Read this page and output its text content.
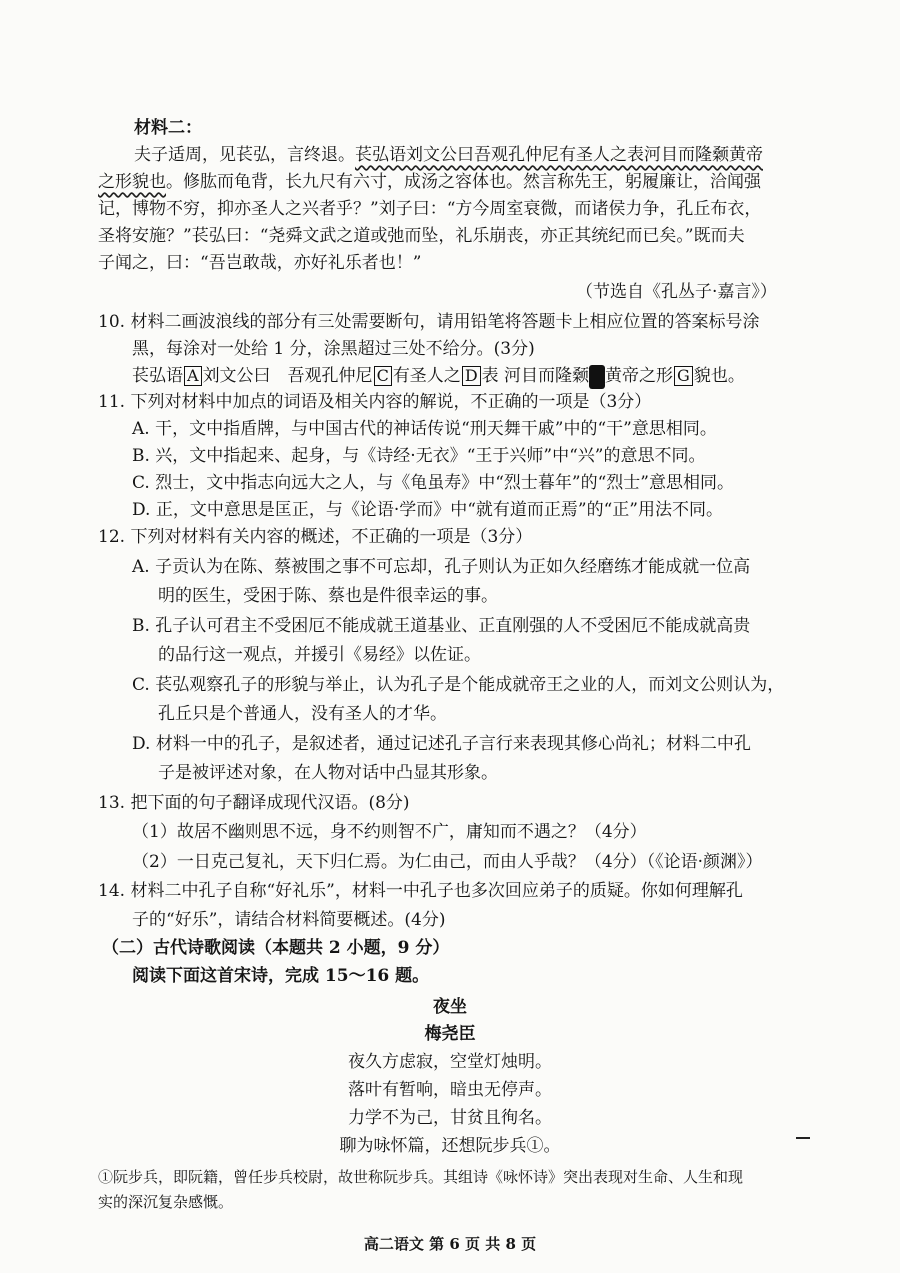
材料二：
夫子适周，见苌弘，言终退。苌弘语刘文公曰吾观孔仲尼有圣人之表河目而隆颡黄帝
之形貌也。修肱而龟背，长九尺有六寸，成汤之容体也。然言称先王，躬履廉让，洽闻强
记，博物不穷，抑亦圣人之兴者乎？”刘子曰：“方今周室衰微，而诸侯力争，孔丘布衣，
圣将安施？”苌弘曰：“尧舜文武之道或弛而坠，礼乐崩丧，亦正其统纪而已矣。”既而夫
子闻之，曰：“吾岂敢哉，亦好礼乐者也！”
（节选自《孔丛子·嘉言》）
10. 材料二画波浪线的部分有三处需要断句，请用铅笔将答题卡上相应位置的答案标号涂
黑，每涂对一处给 1 分，涂黑超过三处不给分。(3分)
苌弘语 A 刘文公曰　吾观孔仲尼 C 有圣人之 D 表 河目而隆颡 黄帝之形 G 貌也。
11. 下列对材料中加点的词语及相关内容的解说，不正确的一项是（3分）
A. 干，文中指盾牌，与中国古代的神话传说“刑天舞干戚”中的“干”意思相同。
B. 兴，文中指起来、起身，与《诗经·无衣》“王于兴师”中“兴”的意思不同。
C. 烈士，文中指志向远大之人，与《龟虽寿》中“烈士暮年”的“烈士”意思相同。
D. 正，文中意思是匡正，与《论语·学而》中“就有道而正焉”的“正”用法不同。
12. 下列对材料有关内容的概述，不正确的一项是（3分）
A. 子贡认为在陈、蔡被围之事不可忘却，孔子则认为正如久经磨练才能成就一位高
明的医生，受困于陈、蔡也是件很幸运的事。
B. 孔子认可君主不受困厄不能成就王道基业、正直刚强的人不受困厄不能成就高贵
的品行这一观点，并援引《易经》以佐证。
C. 苌弘观察孔子的形貌与举止，认为孔子是个能成就帝王之业的人，而刘文公则认为，
孔丘只是个普通人，没有圣人的才华。
D. 材料一中的孔子，是叙述者，通过记述孔子言行来表现其修心尚礼；材料二中孔
子是被评述对象，在人物对话中凸显其形象。
13. 把下面的句子翻译成现代汉语。(8分)
（1）故居不幽则思不远，身不约则智不广，庸知而不遇之？（4分）
（2）一日克己复礼，天下归仁焉。为仁由己，而由人乎哉？（4分）（《论语·颜渊》）
14. 材料二中孔子自称“好礼乐”，材料一中孔子也多次回应弟子的质疑。你如何理解孔
子的“好乐”，请结合材料简要概述。(4分)
（二）古代诗歌阅读（本题共 2 小题，9 分）
阅读下面这首宋诗，完成 15～16 题。
夜坐
梅尧臣
夜久方虑寂，空堂灯烛明。
落叶有暂响，暗虫无停声。
力学不为己，甘贫且徇名。
聊为咏怀篇，还想阮步兵①。
①阮步兵，即阮籍，曾任步兵校尉，故世称阮步兵。其组诗《咏怀诗》突出表现对生命、人生和现
实的深沉复杂感慨。
高二语文 第 6 页 共 8 页
